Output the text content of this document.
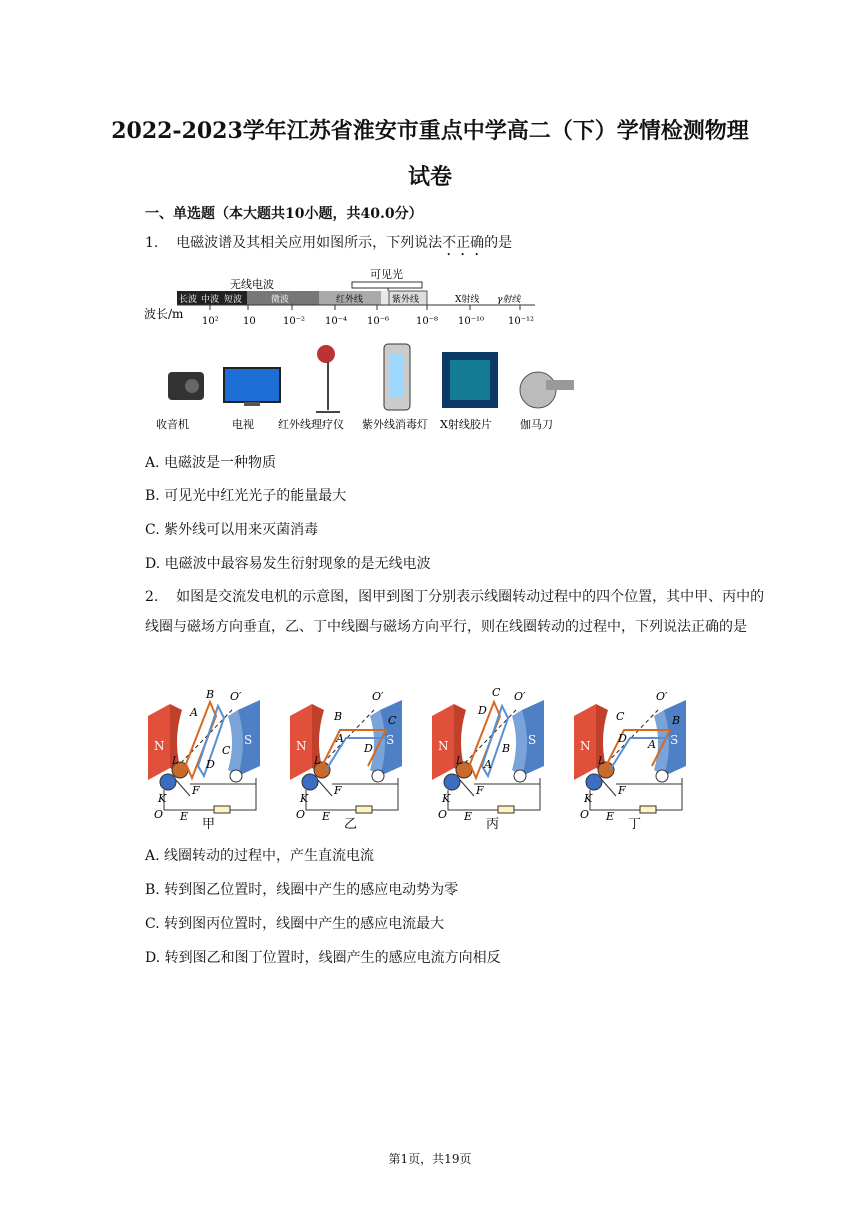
2022-2023学年江苏省淮安市重点中学高二（下）学情检测物理
试卷
一、单选题（本大题共10小题，共40.0分）
1. 电磁波谱及其相关应用如图所示，下列说法不正确的是
无线电波
可见光
长波 中波 短波	微波	红外线	紫外线	X射线 γ射线
波长/m
10² 10	10⁻² 10⁻⁴ 10⁻⁶	10⁻⁸ 10⁻¹⁰ 10⁻¹²
收音机	电视 红外线理疗仪 紫外线消毒灯 X射线胶片	伽马刀
A. 电磁波是一种物质
B. 可见光中红光光子的能量最大
C. 紫外线可以用来灭菌消毒
D. 电磁波中最容易发生衍射现象的是无线电波
2. 如图是交流发电机的示意图，图甲到图丁分别表示线圈转动过程中的四个位置，其中甲、丙中的线圈与磁场方向垂直，乙、丁中线圈与磁场方向平行，则在线圈转动的过程中，下列说法正确的是
B
A
C
D
B
A
D
C
C
D
B
A
C
D A
B
甲	乙	丙	丁
A. 线圈转动的过程中，产生直流电流
B. 转到图乙位置时，线圈中产生的感应电动势为零
C. 转到图丙位置时，线圈中产生的感应电流最大
D. 转到图乙和图丁位置时，线圈产生的感应电流方向相反
第1页，共19页
